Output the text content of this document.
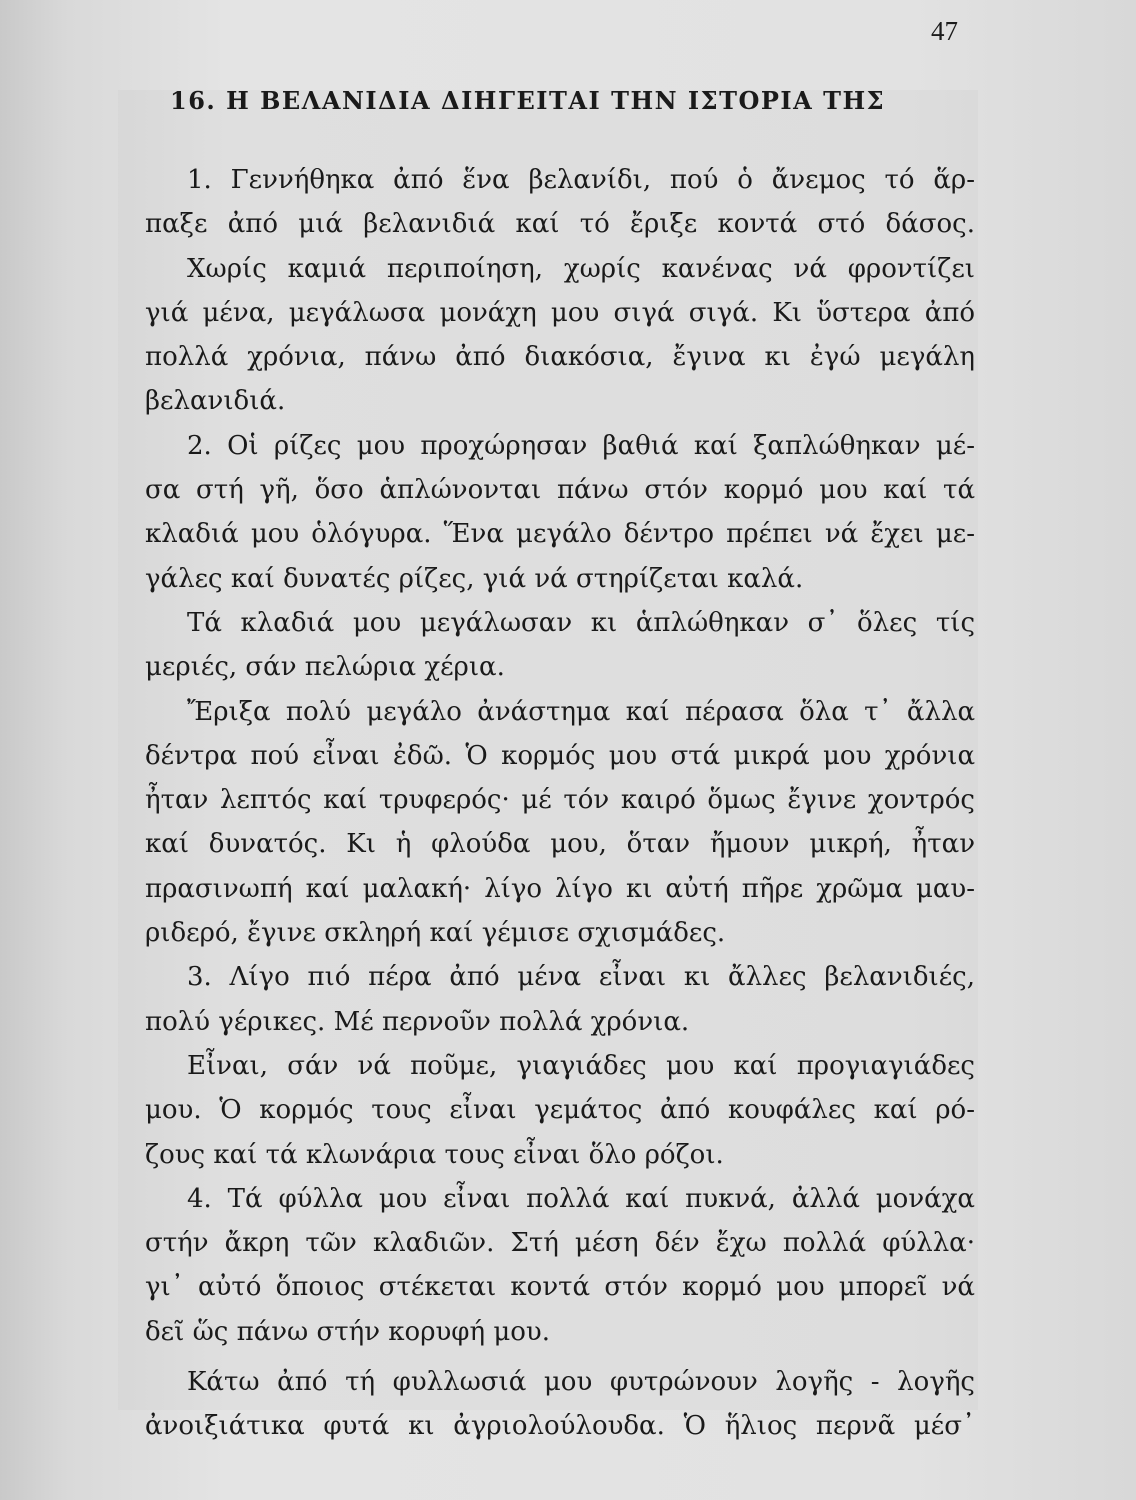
47
16. Η ΒΕΛΑΝΙΔΙΑ ΔΙΗΓΕΙΤΑΙ ΤΗΝ ΙΣΤΟΡΙΑ ΤΗΣ
1. Γεννήθηκα ἀπό ἕνα βελανίδι, πού ὁ ἄνεμος τό ἅρ-
παξε ἀπό μιά βελανιδιά καί τό ἔριξε κοντά στό δάσος.
Χωρίς καμιά περιποίηση, χωρίς κανένας νά φροντίζει
γιά μένα, μεγάλωσα μονάχη μου σιγά σιγά. Κι ὕστερα ἀπό
πολλά χρόνια, πάνω ἀπό διακόσια, ἔγινα κι ἐγώ μεγάλη
βελανιδιά.
2. Οἱ ρίζες μου προχώρησαν βαθιά καί ξαπλώθηκαν μέ-
σα στή γῆ, ὅσο ἁπλώνονται πάνω στόν κορμό μου καί τά
κλαδιά μου ὁλόγυρα. Ἕνα μεγάλο δέντρο πρέπει νά ἔχει με-
γάλες καί δυνατές ρίζες, γιά νά στηρίζεται καλά.
Τά κλαδιά μου μεγάλωσαν κι ἁπλώθηκαν σ᾽ ὅλες τίς
μεριές, σάν πελώρια χέρια.
Ἔριξα πολύ μεγάλο ἀνάστημα καί πέρασα ὅλα τ᾽ ἄλλα
δέντρα πού εἶναι ἐδῶ. Ὁ κορμός μου στά μικρά μου χρόνια
ἦταν λεπτός καί τρυφερός· μέ τόν καιρό ὅμως ἔγινε χοντρός
καί δυνατός. Κι ἡ φλούδα μου, ὅταν ἤμουν μικρή, ἦταν
πρασινωπή καί μαλακή· λίγο λίγο κι αὐτή πῆρε χρῶμα μαυ-
ριδερό, ἔγινε σκληρή καί γέμισε σχισμάδες.
3. Λίγο πιό πέρα ἀπό μένα εἶναι κι ἄλλες βελανιδιές,
πολύ γέρικες. Μέ περνοῦν πολλά χρόνια.
Εἶναι, σάν νά ποῦμε, γιαγιάδες μου καί προγιαγιάδες
μου. Ὁ κορμός τους εἶναι γεμάτος ἀπό κουφάλες καί ρό-
ζους καί τά κλωνάρια τους εἶναι ὅλο ρόζοι.
4. Τά φύλλα μου εἶναι πολλά καί πυκνά, ἀλλά μονάχα
στήν ἄκρη τῶν κλαδιῶν. Στή μέση δέν ἔχω πολλά φύλλα·
γι᾽ αὐτό ὅποιος στέκεται κοντά στόν κορμό μου μπορεῖ νά
δεῖ ὥς πάνω στήν κορυφή μου.
Κάτω ἀπό τή φυλλωσιά μου φυτρώνουν λογῆς - λογῆς
ἀνοιξιάτικα φυτά κι ἀγριολούλουδα. Ὁ ἥλιος περνᾶ μέσ᾽
